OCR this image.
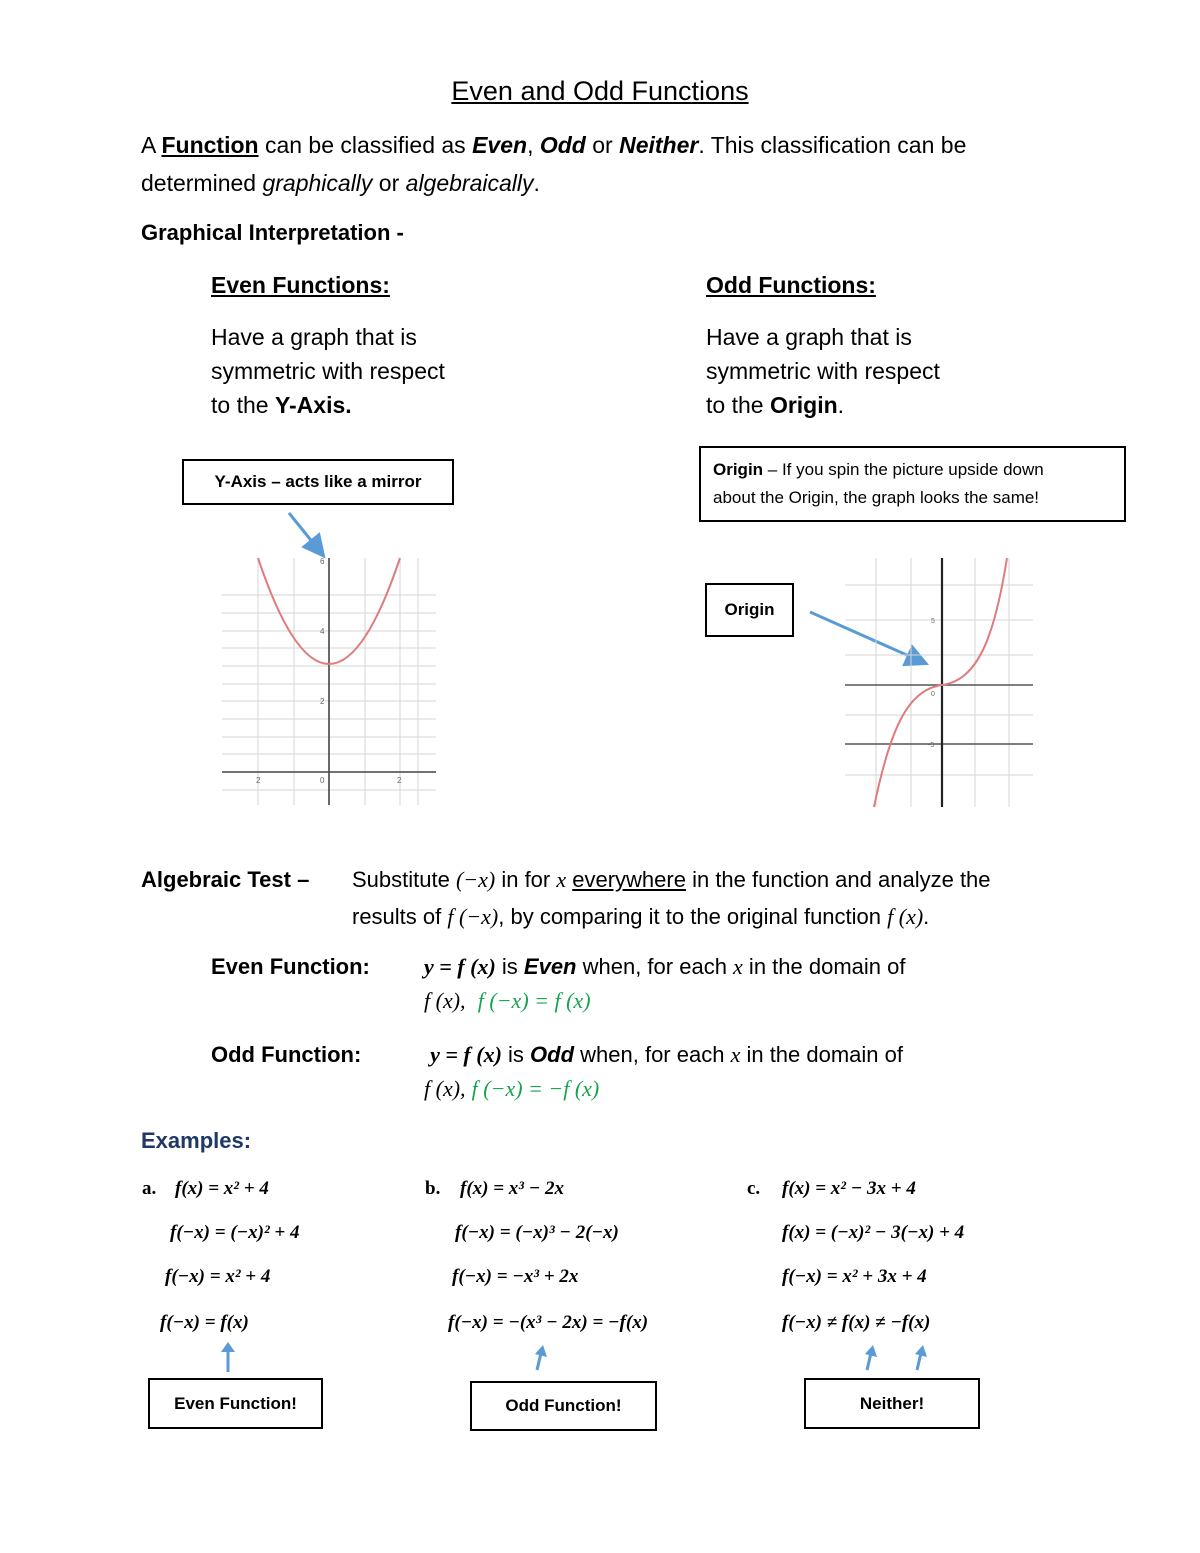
Even and Odd Functions
A Function can be classified as Even, Odd or Neither. This classification can be
determined graphically or algebraically.
Graphical Interpretation -
Even Functions:
Have a graph that is
symmetric with respect
to the Y-Axis.
Odd Functions:
Have a graph that is
symmetric with respect
to the Origin.
Y-Axis – acts like a mirror
Origin – If you spin the picture upside down
about the Origin, the graph looks the same!
Origin
6
4
2
2	0	2
5
0
-5
Algebraic Test – Substitute (−x) in for x everywhere in the function and analyze the
results of f (−x), by comparing it to the original function f (x).
Even Function: y = f (x) is Even when, for each x in the domain of
f (x), f (−x) = f (x)
Odd Function:	y = f (x) is Odd when, for each x in the domain of
f (x), f (−x) = −f (x)
Examples:
a. f(x) = x² + 4
f(−x) = (−x)² + 4
f(−x) = x² + 4
f(−x) = f(x)
b. f(x) = x³ − 2x
f(−x) = (−x)³ − 2(−x)
f(−x) = −x³ + 2x
f(−x) = −(x³ − 2x) = −f(x)
c. f(x) = x² − 3x + 4
f(x) = (−x)² − 3(−x) + 4
f(−x) = x² + 3x + 4
f(−x) ≠ f(x) ≠ −f(x)
Even Function!	Odd Function!	Neither!
